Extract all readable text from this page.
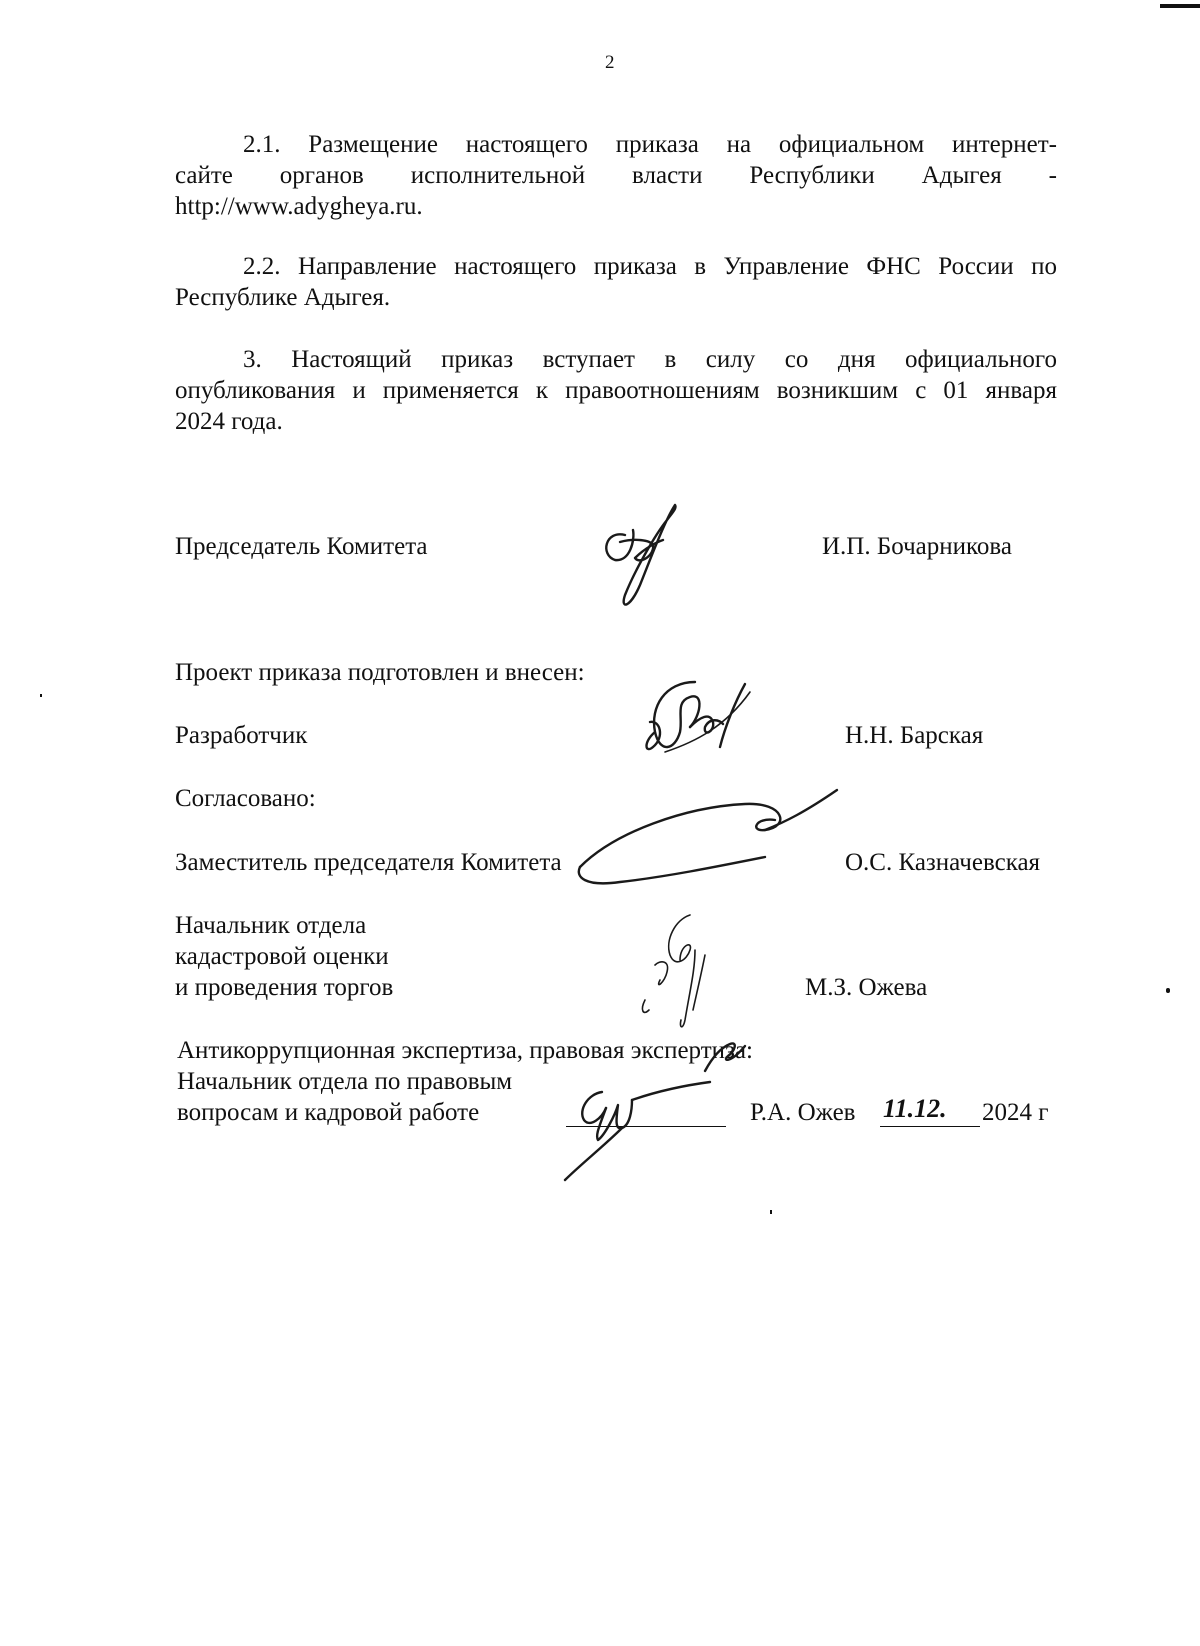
2
2.1. Размещение настоящего приказа на официальном интернет-
сайте органов исполнительной власти Республики Адыгея -
http://www.adygheya.ru.
2.2. Направление настоящего приказа в Управление ФНС России по
Республике Адыгея.
3. Настоящий приказ вступает в силу со дня официального
опубликования и применяется к правоотношениям возникшим с 01 января
2024 года.
Председатель Комитета	И.П. Бочарникова
Проект приказа подготовлен и внесен:
Разработчик	Н.Н. Барская
Согласовано:
Заместитель председателя Комитета	О.С. Казначевская
Начальник отдела
кадастровой оценки
и проведения торгов	М.З. Ожева
Антикоррупционная экспертиза, правовая экспертиза:
Начальник отдела по правовым
вопросам и кадровой работе	Р.А. Ожев 11.12. 2024 г
